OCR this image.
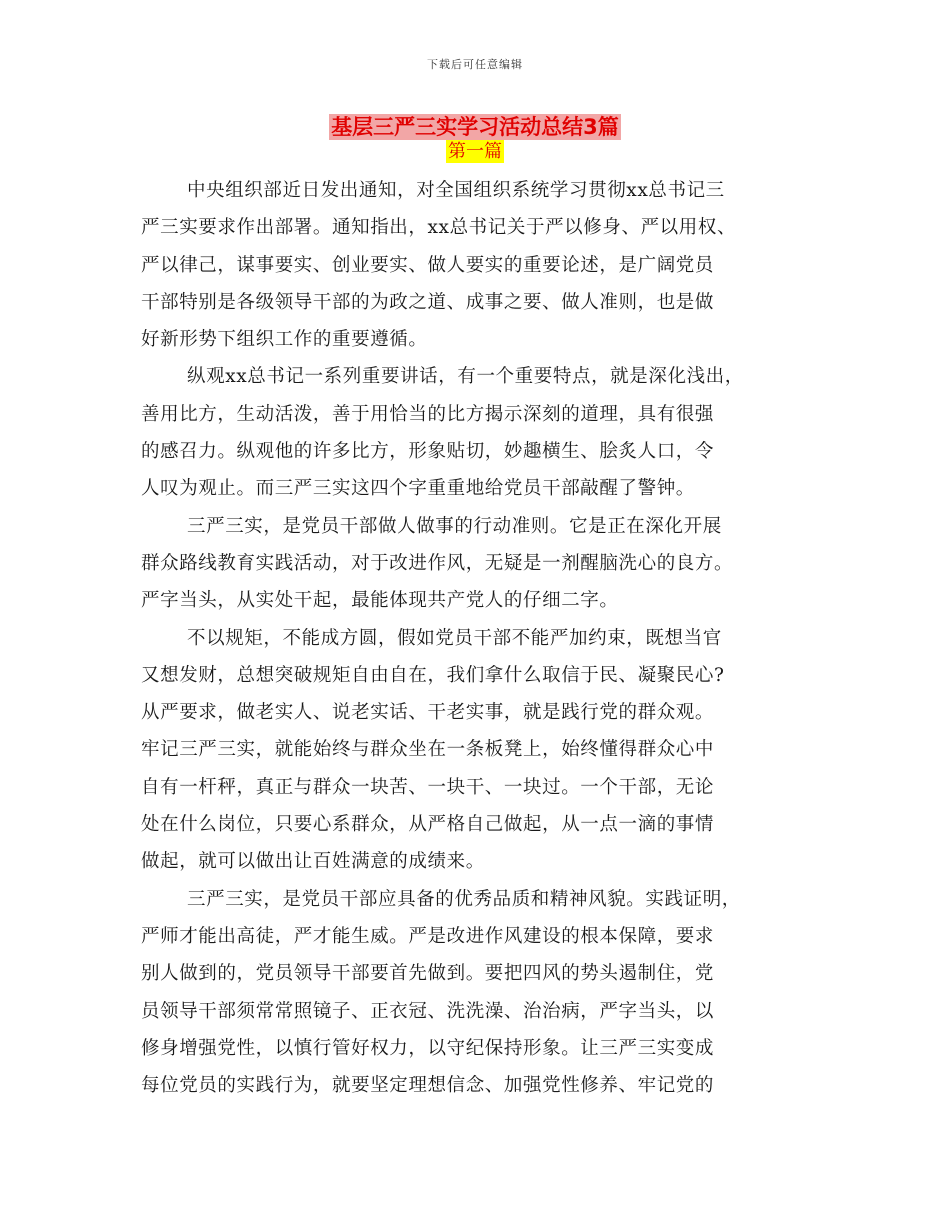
下载后可任意编辑
基层三严三实学习活动总结3篇
第一篇
中央组织部近日发出通知，对全国组织系统学习贯彻xx总书记三
严三实要求作出部署。通知指出，xx总书记关于严以修身、严以用权、
严以律己，谋事要实、创业要实、做人要实的重要论述，是广阔党员
干部特别是各级领导干部的为政之道、成事之要、做人准则，也是做
好新形势下组织工作的重要遵循。
纵观xx总书记一系列重要讲话，有一个重要特点，就是深化浅出，
善用比方，生动活泼，善于用恰当的比方揭示深刻的道理，具有很强
的感召力。纵观他的许多比方，形象贴切，妙趣横生、脍炙人口，令
人叹为观止。而三严三实这四个字重重地给党员干部敲醒了警钟。
三严三实，是党员干部做人做事的行动准则。它是正在深化开展
群众路线教育实践活动，对于改进作风，无疑是一剂醒脑洗心的良方。
严字当头，从实处干起，最能体现共产党人的仔细二字。
不以规矩，不能成方圆，假如党员干部不能严加约束，既想当官
又想发财，总想突破规矩自由自在，我们拿什么取信于民、凝聚民心?
从严要求，做老实人、说老实话、干老实事，就是践行党的群众观。
牢记三严三实，就能始终与群众坐在一条板凳上，始终懂得群众心中
自有一杆秤，真正与群众一块苦、一块干、一块过。一个干部，无论
处在什么岗位，只要心系群众，从严格自己做起，从一点一滴的事情
做起，就可以做出让百姓满意的成绩来。
三严三实，是党员干部应具备的优秀品质和精神风貌。实践证明，
严师才能出高徒，严才能生威。严是改进作风建设的根本保障，要求
别人做到的，党员领导干部要首先做到。要把四风的势头遏制住，党
员领导干部须常常照镜子、正衣冠、洗洗澡、治治病，严字当头，以
修身增强党性，以慎行管好权力，以守纪保持形象。让三严三实变成
每位党员的实践行为，就要坚定理想信念、加强党性修养、牢记党的
